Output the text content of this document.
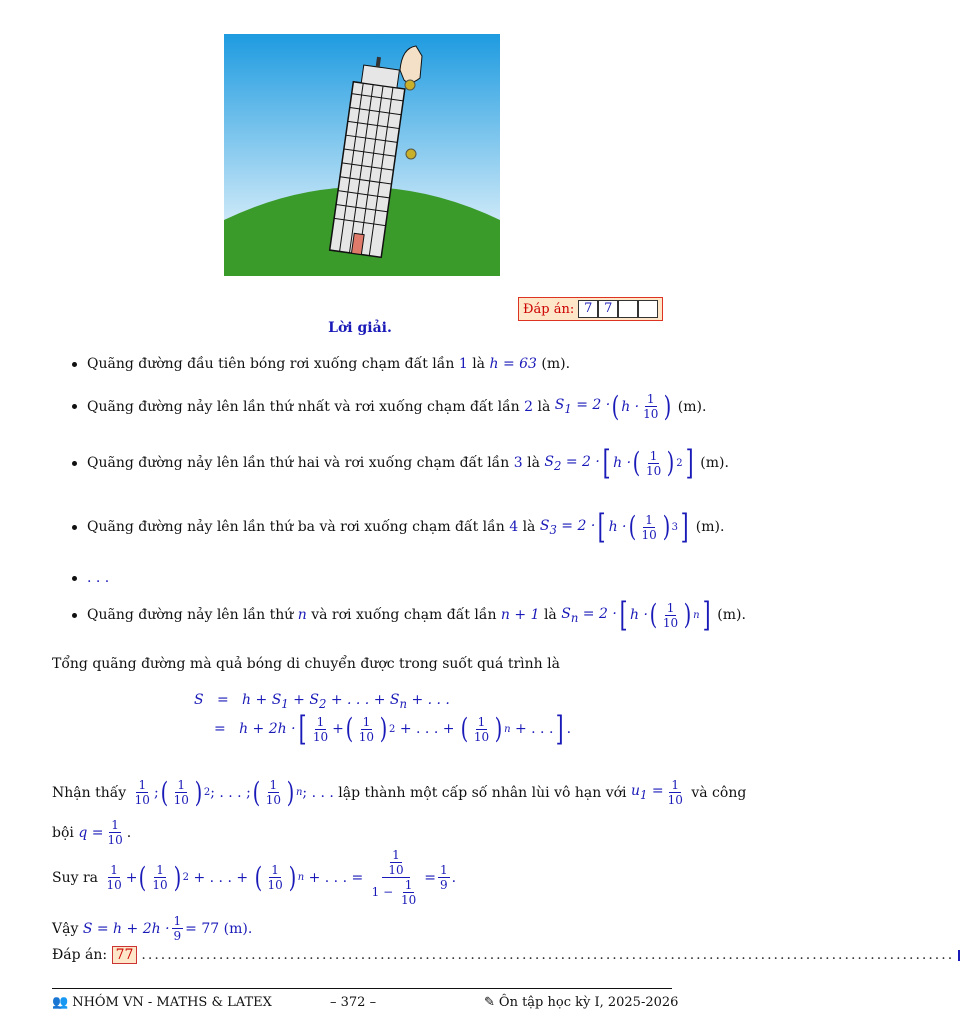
Đáp án: 7 7
Lời giải.
Quãng đường đầu tiên bóng rơi xuống chạm đất lần
1
là
h = 63
(m).
Quãng đường nảy lên lần thứ nhất và rơi xuống chạm đất lần
2
là
$S_1 = 2$ · ( h · 1
10 )
(m).
Quãng đường nảy lên lần thứ hai và rơi xuống chạm đất lần
3
là
$S_2 = 2$ · [ h · ( 1
10 ) 2 ]
(m).
Quãng đường nảy lên lần thứ ba và rơi xuống chạm đất lần
4
là
$S_3 = 2$ · [ h · ( 1
10 ) 3 ]
(m).
. . .
Quãng đường nảy lên lần thứ
n
và rơi xuống chạm đất lần
n + 1
là
$S_n = 2$ · [ h · ( 1
10 ) n ]
(m).
Tổng quãng đường mà quả bóng di chuyển được trong suốt quá trình là
$S = h + S_1 + S_2$ + . . . + $S_n$ + . . .
=
h + 2h · [ 1
10 + ( 1
10 ) 2 + . . . + ( 1
10 ) n + . . . ] .
Nhận thấy
1
10 ; ( 1
10 ) 2 ; . . . ; ( 1
10 ) n ; . . .
lập thành một cấp số nhân lùi vô hạn với
$u_1 = \frac{1}{10}$
và công
bội
$q = \frac{1}{10}$ .
Suy ra
1
10 + ( 1
10 ) 2 + . . . + ( 1
10 ) n + . . . = $\frac{\frac{1}{10}}{1 - \frac{1}{10}} = \frac{1}{9}$ .
Vậy
$S = h + 2h \cdot \frac{1}{9} = 77$ (m).
Đáp án:
77 ..............................................................................................................................
👥 NHÓM VN - MATHS & LATEX	– 372 –	✎ Ôn tập học kỳ I, 2025-2026
